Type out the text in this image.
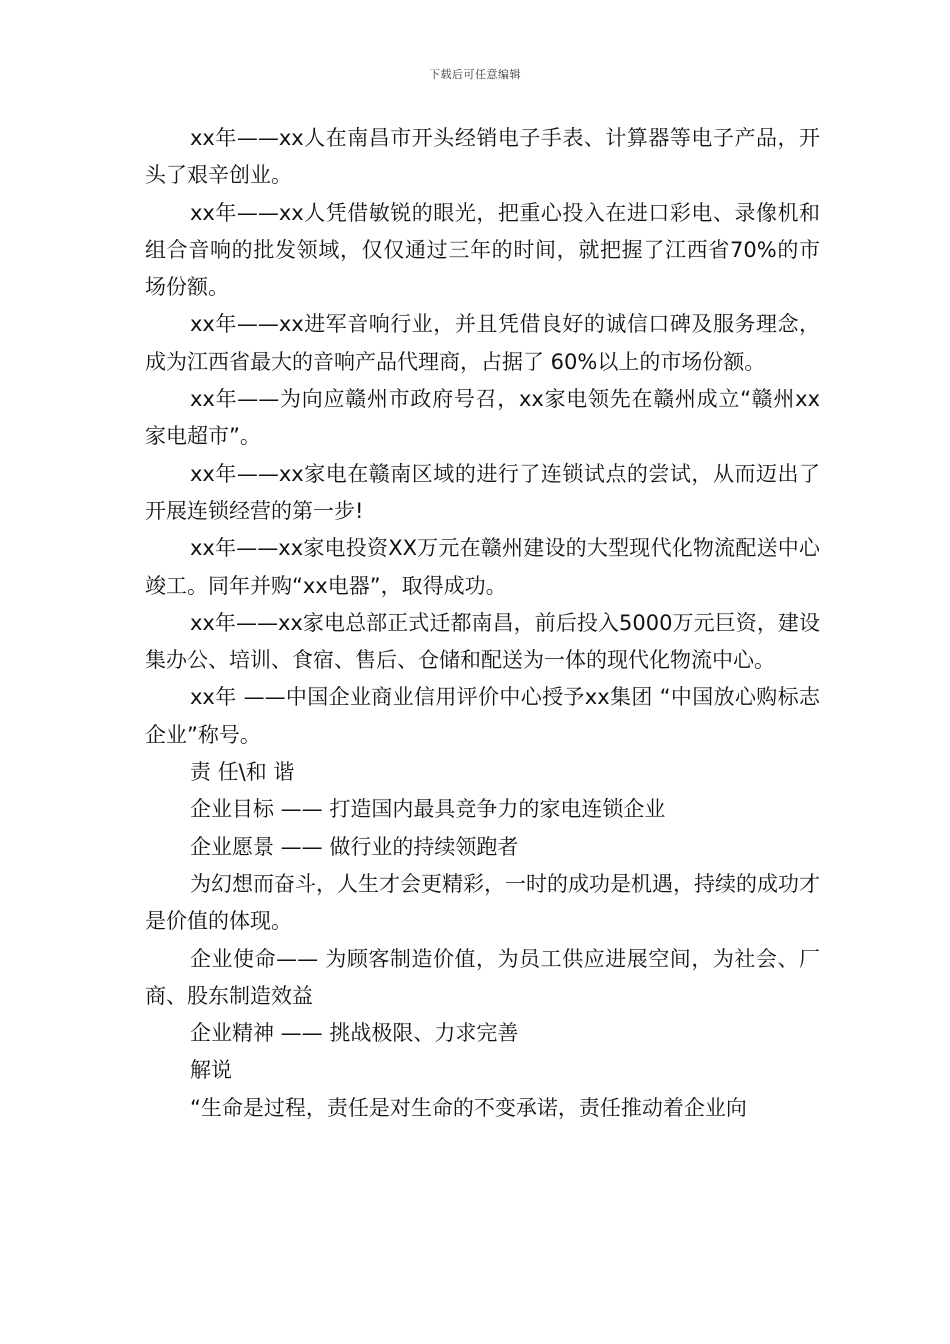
下载后可任意编辑

xx年——xx人在南昌市开头经销电子手表、计算器等电子产品，开头了艰辛创业。

xx年——xx人凭借敏锐的眼光，把重心投入在进口彩电、录像机和组合音响的批发领域，仅仅通过三年的时间，就把握了江西省70%的市场份额。

xx年——xx进军音响行业，并且凭借良好的诚信口碑及服务理念，成为江西省最大的音响产品代理商，占据了 60%以上的市场份额。

xx年——为向应赣州市政府号召，xx家电领先在赣州成立“赣州xx家电超市”。

xx年——xx家电在赣南区域的进行了连锁试点的尝试，从而迈出了开展连锁经营的第一步!

xx年——xx家电投资XX万元在赣州建设的大型现代化物流配送中心竣工。同年并购“xx电器”，取得成功。

xx年——xx家电总部正式迁都南昌，前后投入5000万元巨资，建设集办公、培训、食宿、售后、仓储和配送为一体的现代化物流中心。

xx年 ——中国企业商业信用评价中心授予xx集团 “中国放心购标志企业”称号。

责 任\和 谐

企业目标 —— 打造国内最具竞争力的家电连锁企业

企业愿景 —— 做行业的持续领跑者

为幻想而奋斗，人生才会更精彩，一时的成功是机遇，持续的成功才是价值的体现。

企业使命—— 为顾客制造价值，为员工供应进展空间，为社会、厂商、股东制造效益

企业精神 —— 挑战极限、力求完善

解说

“生命是过程，责任是对生命的不变承诺，责任推动着企业向
